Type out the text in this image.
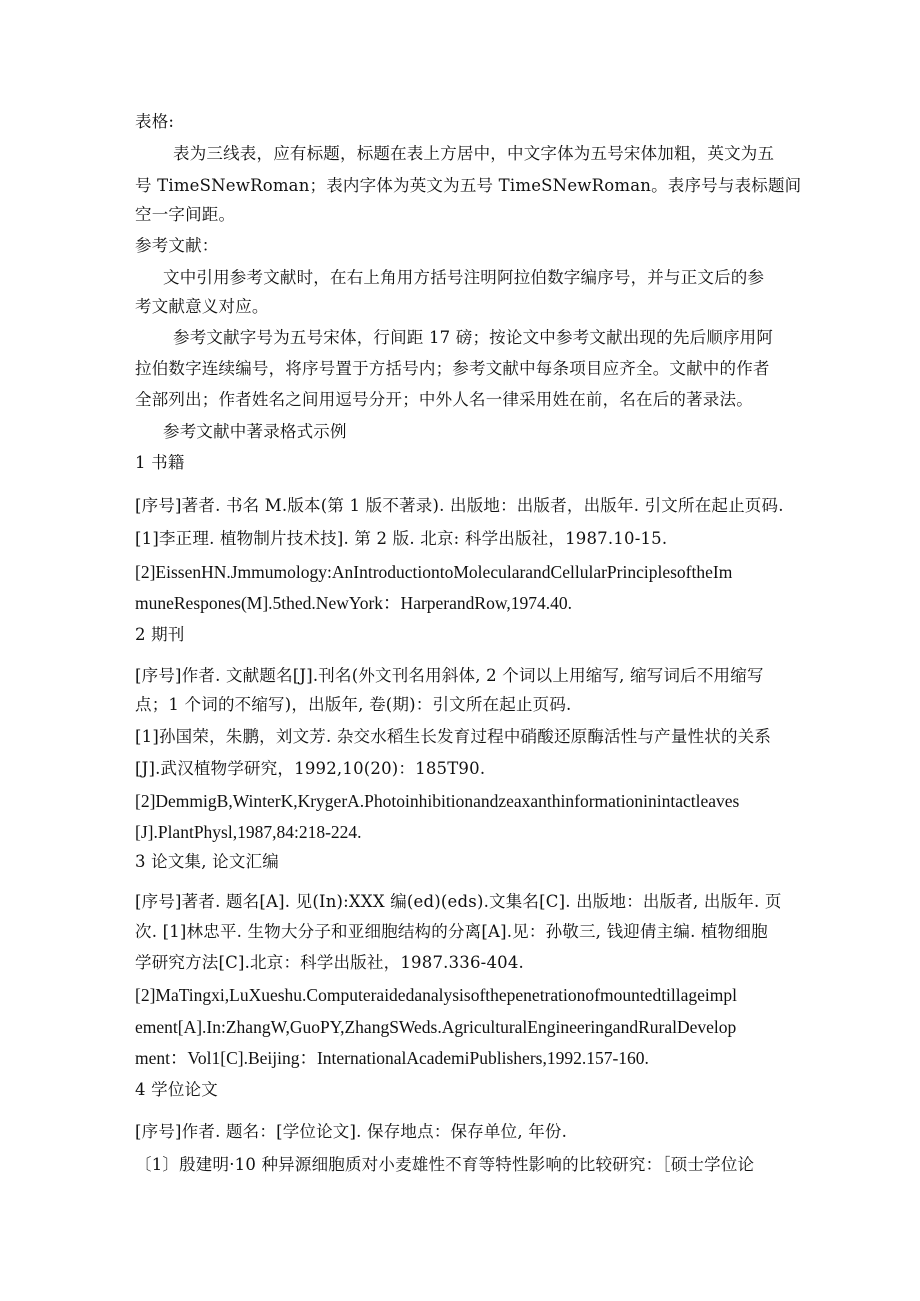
表格:

表为三线表，应有标题，标题在表上方居中，中文字体为五号宋体加粗，英文为五

号 TimeSNewRoman；表内字体为英文为五号 TimeSNewRoman。表序号与表标题间

空一字间距。

参考文献：

文中引用参考文献时，在右上角用方括号注明阿拉伯数字编序号，并与正文后的参

考文献意义对应。

参考文献字号为五号宋体，行间距 17 磅；按论文中参考文献出现的先后顺序用阿

拉伯数字连续编号，将序号置于方括号内；参考文献中每条项目应齐全。文献中的作者

全部列出；作者姓名之间用逗号分开；中外人名一律采用姓在前，名在后的著录法。

参考文献中著录格式示例

1 书籍

[序号]著者. 书名 M.版本(第 1 版不著录). 出版地：出版者，出版年. 引文所在起止页码.

[1]李正理. 植物制片技术技]. 第 2 版. 北京: 科学出版社，1987.10-15.

[2]EissenHN.Jmmumology:AnIntroductiontoMolecularandCellularPrinciplesoftheIm

muneRespones(M].5thed.NewYork：HarperandRow,1974.40.

2 期刊

[序号]作者. 文献题名[J].刊名(外文刊名用斜体, 2 个词以上用缩写, 缩写词后不用缩写

点；1 个词的不缩写)，出版年, 卷(期)：引文所在起止页码.

[1]孙国荣，朱鹏，刘文芳. 杂交水稻生长发育过程中硝酸还原酶活性与产量性状的关系

[J].武汉植物学研究，1992,10(20)：185T90.

[2]DemmigB,WinterK,KrygerA.Photoinhibitionandzeaxanthinformationinintactleaves

[J].PlantPhysl,1987,84:218-224.

3 论文集, 论文汇编

[序号]著者. 题名[A]. 见(In):XXX 编(ed)(eds).文集名[C]. 出版地：出版者, 出版年. 页

次. [1]林忠平. 生物大分子和亚细胞结构的分离[A].见：孙敬三, 钱迎倩主编. 植物细胞

学研究方法[C].北京：科学出版社，1987.336-404.

[2]MaTingxi,LuXueshu.Computeraidedanalysisofthepenetrationofmountedtillageimpl

ement[A].In:ZhangW,GuoPY,ZhangSWeds.AgriculturalEngineeringandRuralDevelop

ment：Vol1[C].Beijing：InternationalAcademiPublishers,1992.157-160.

4 学位论文

[序号]作者. 题名：[学位论文]. 保存地点：保存单位, 年份.

〔1〕殷建明·10 种异源细胞质对小麦雄性不育等特性影响的比较研究：［硕士学位论
